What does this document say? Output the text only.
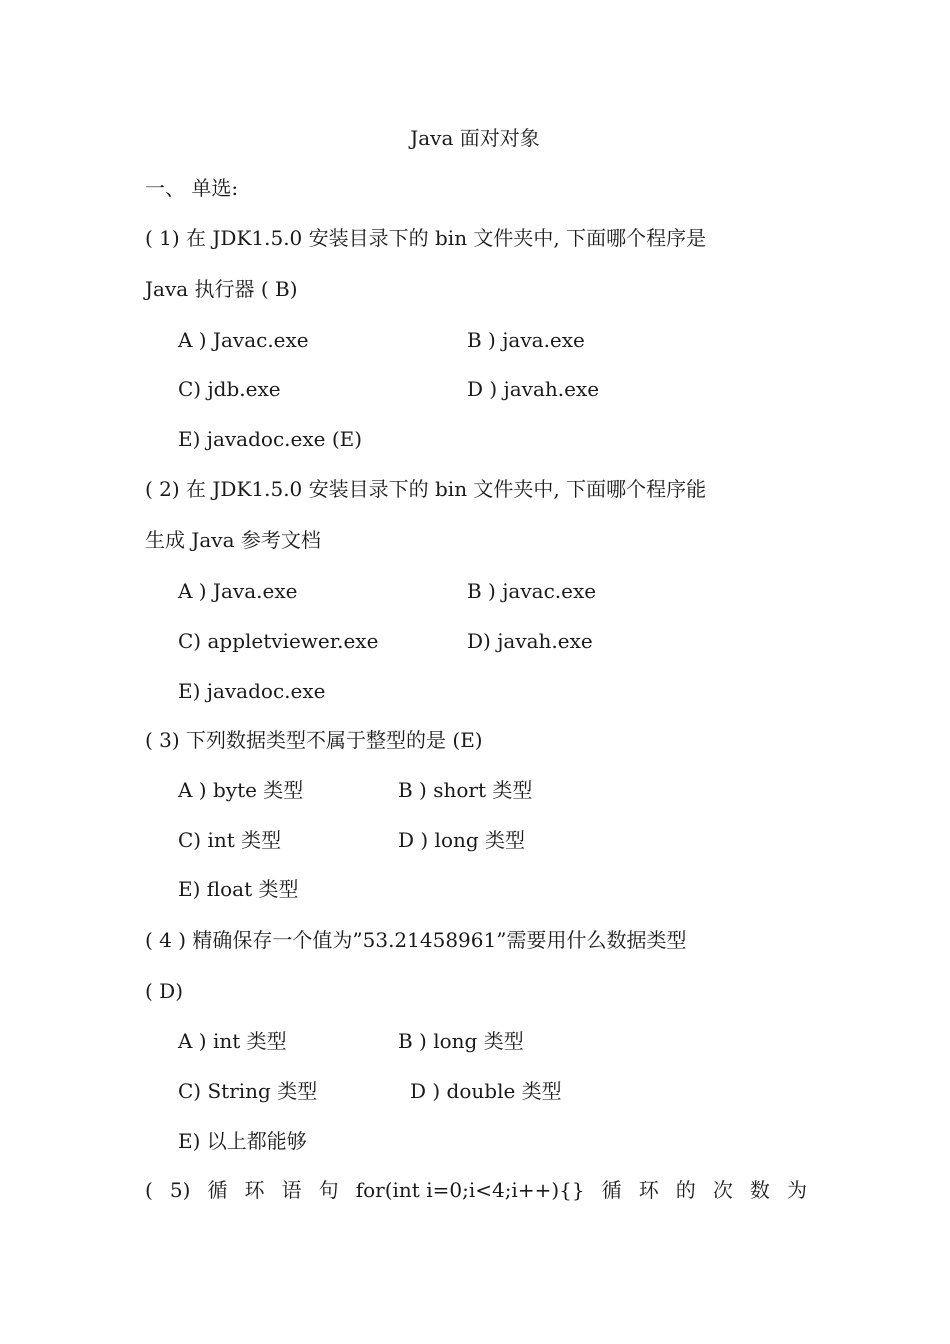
Java 面对对象
一、 单选:
( 1) 在 JDK1.5.0 安装目录下的 bin 文件夹中, 下面哪个程序是
Java 执行器 ( B)
A ) Javac.exe	B ) java.exe
C) jdb.exe	D ) javah.exe
E) javadoc.exe (E)
( 2) 在 JDK1.5.0 安装目录下的 bin 文件夹中, 下面哪个程序能
生成 Java 参考文档
A ) Java.exe	B ) javac.exe
C) appletviewer.exe	D) javah.exe
E) javadoc.exe
( 3) 下列数据类型不属于整型的是 (E)
A ) byte 类型	B ) short 类型
C) int 类型	D ) long 类型
E) float 类型
( 4 ) 精确保存一个值为”53.21458961”需要用什么数据类型
( D)
A ) int 类型	B ) long 类型
C) String 类型	D ) double 类型
E) 以上都能够
( 5) 循 环 语 句 for(int i=0;i<4;i++){} 循 环 的 次 数 为
